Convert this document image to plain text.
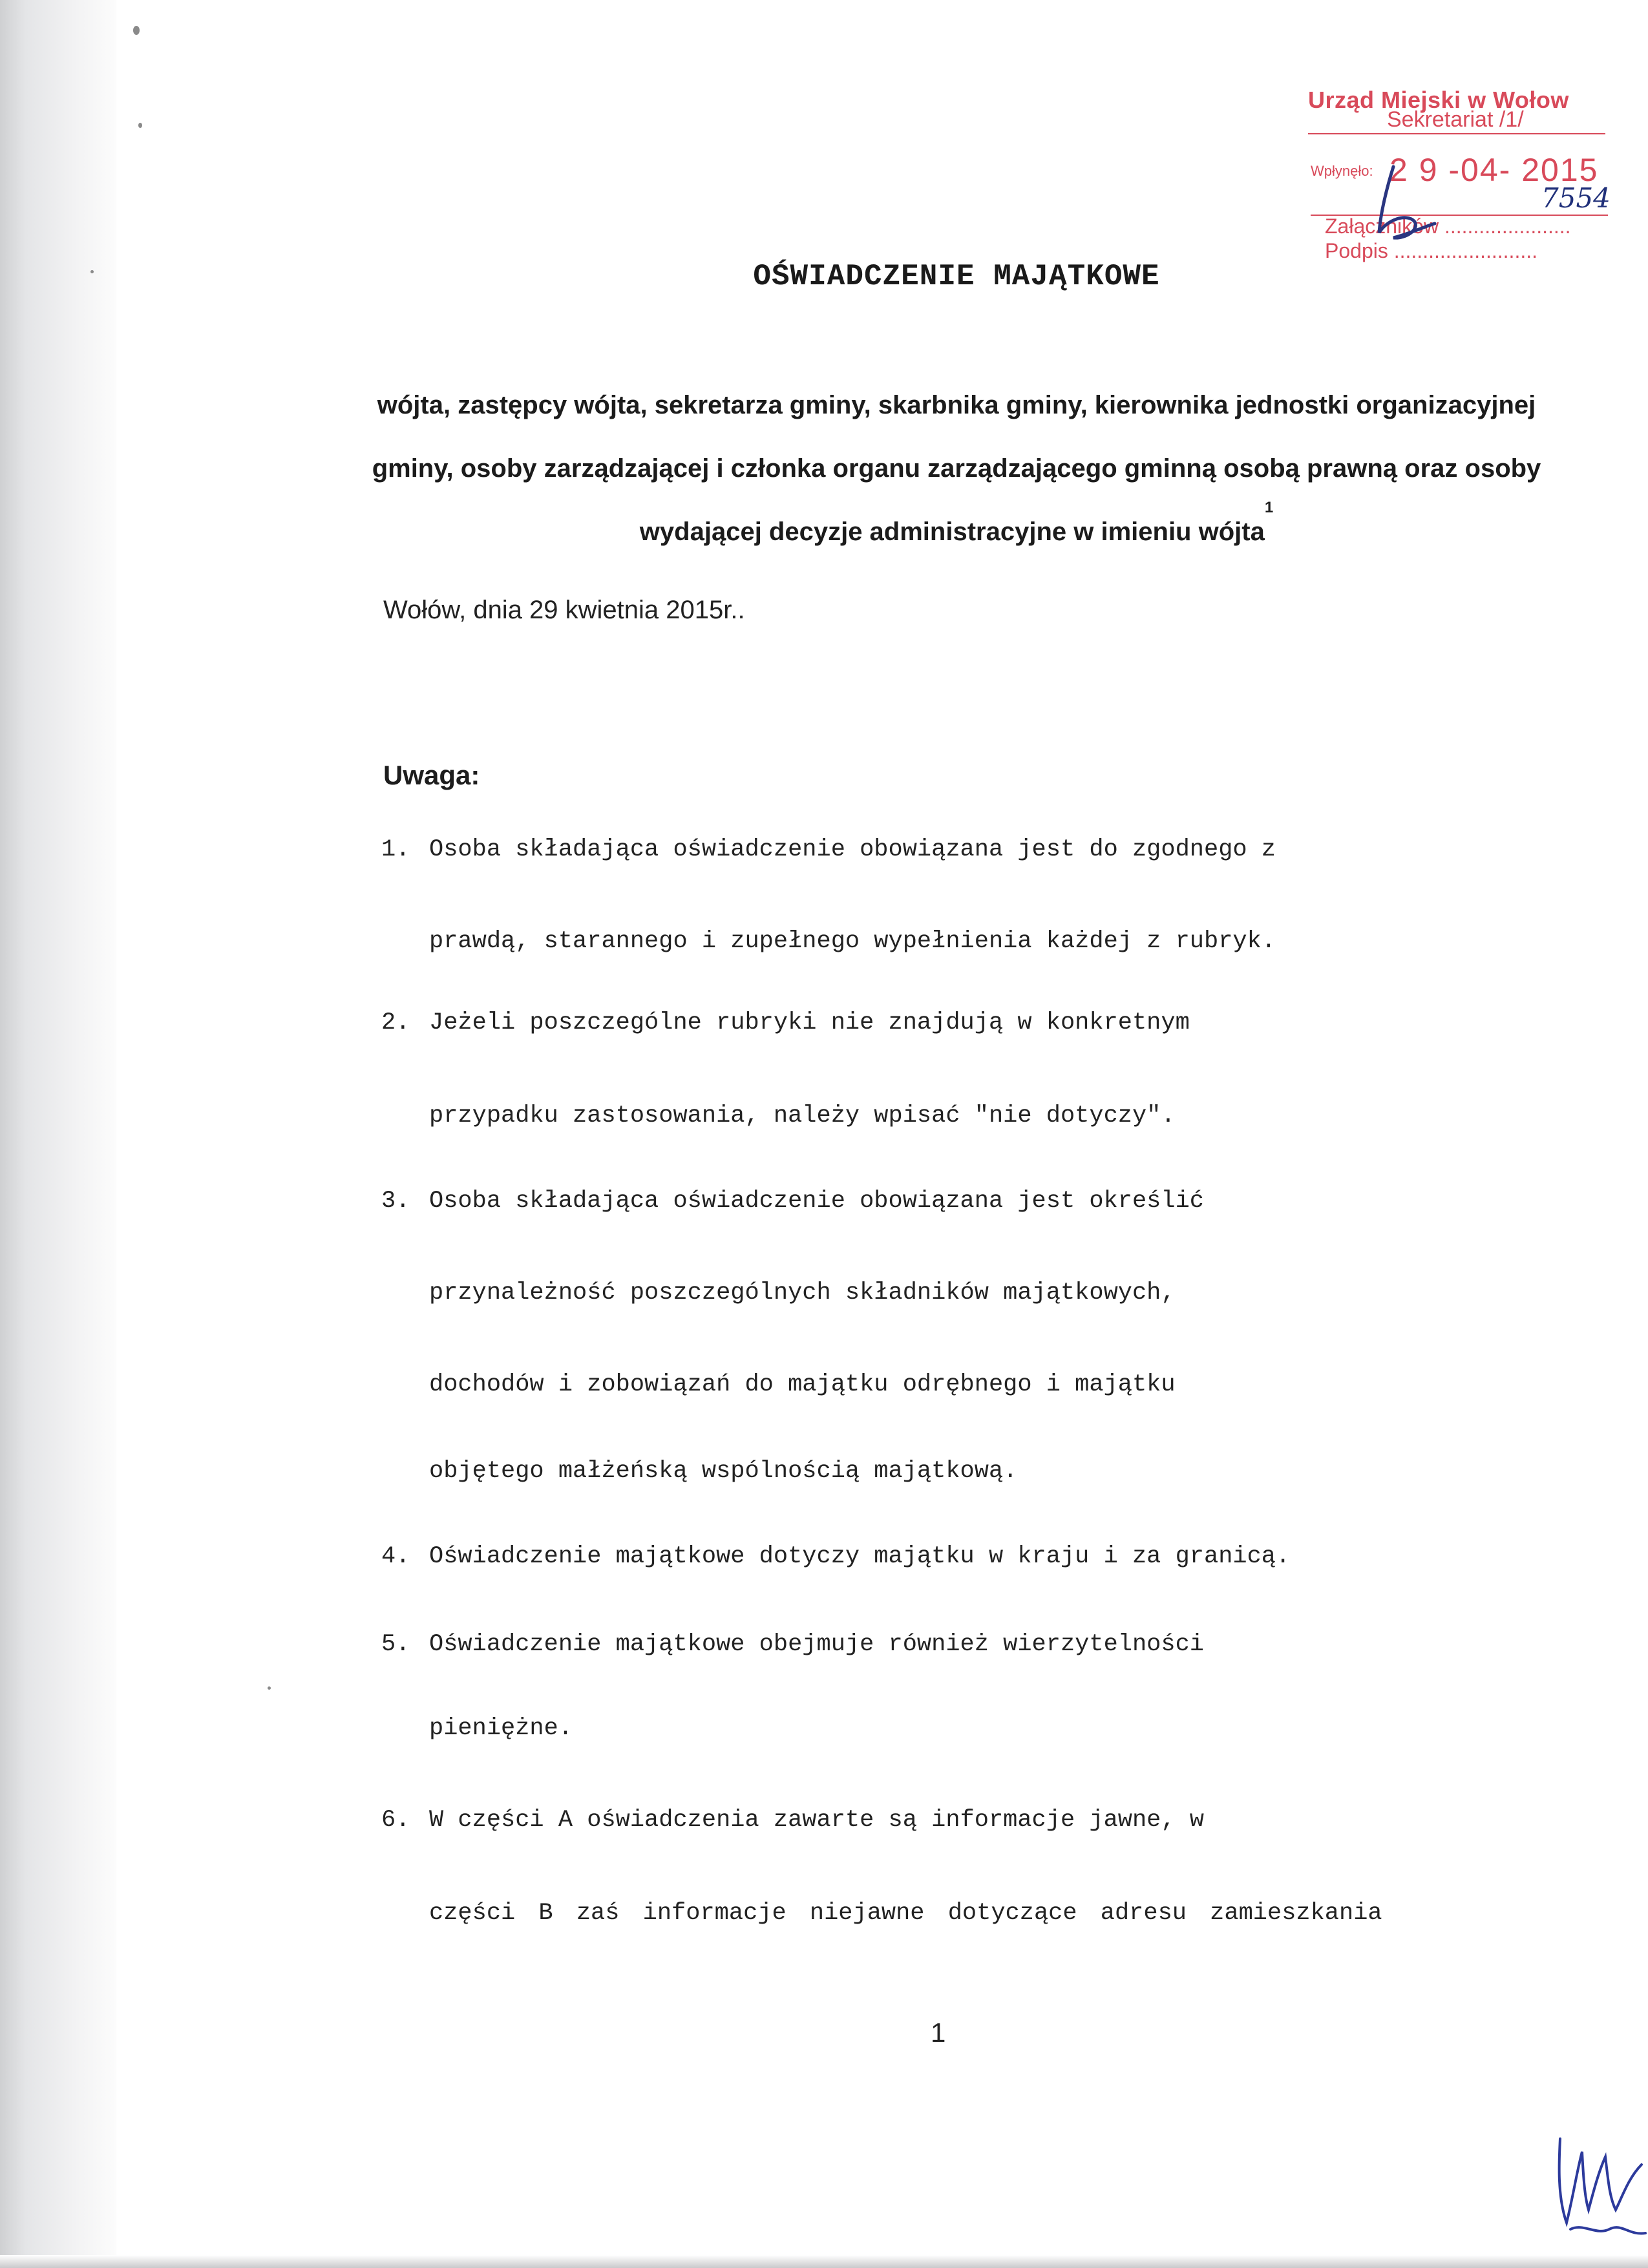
Urząd Miejski w Wołow
Sekretariat /1/
Wpłynęło: 2 9 -04- 2015
7554
Załączników ......................
Podpis .........................
OŚWIADCZENIE MAJĄTKOWE
wójta, zastępcy wójta, sekretarza gminy, skarbnika gminy, kierownika jednostki organizacyjnej gminy, osoby zarządzającej i członka organu zarządzającego gminną osobą prawną oraz osoby wydającej decyzje administracyjne w imieniu wójta$^1$
Wołów, dnia 29 kwietnia 2015r..
Uwaga:
1. Osoba składająca oświadczenie obowiązana jest do zgodnego z
prawdą, starannego i zupełnego wypełnienia każdej z rubryk.
2. Jeżeli poszczególne rubryki nie znajdują w konkretnym
przypadku zastosowania, należy wpisać "nie dotyczy".
3. Osoba składająca oświadczenie obowiązana jest określić
przynależność poszczególnych składników majątkowych,
dochodów i zobowiązań do majątku odrębnego i majątku
objętego małżeńską wspólnością majątkową.
4. Oświadczenie majątkowe dotyczy majątku w kraju i za granicą.
5. Oświadczenie majątkowe obejmuje również wierzytelności
pieniężne.
6. W części A oświadczenia zawarte są informacje jawne, w
części B zaś informacje niejawne dotyczące adresu zamieszkania
1
